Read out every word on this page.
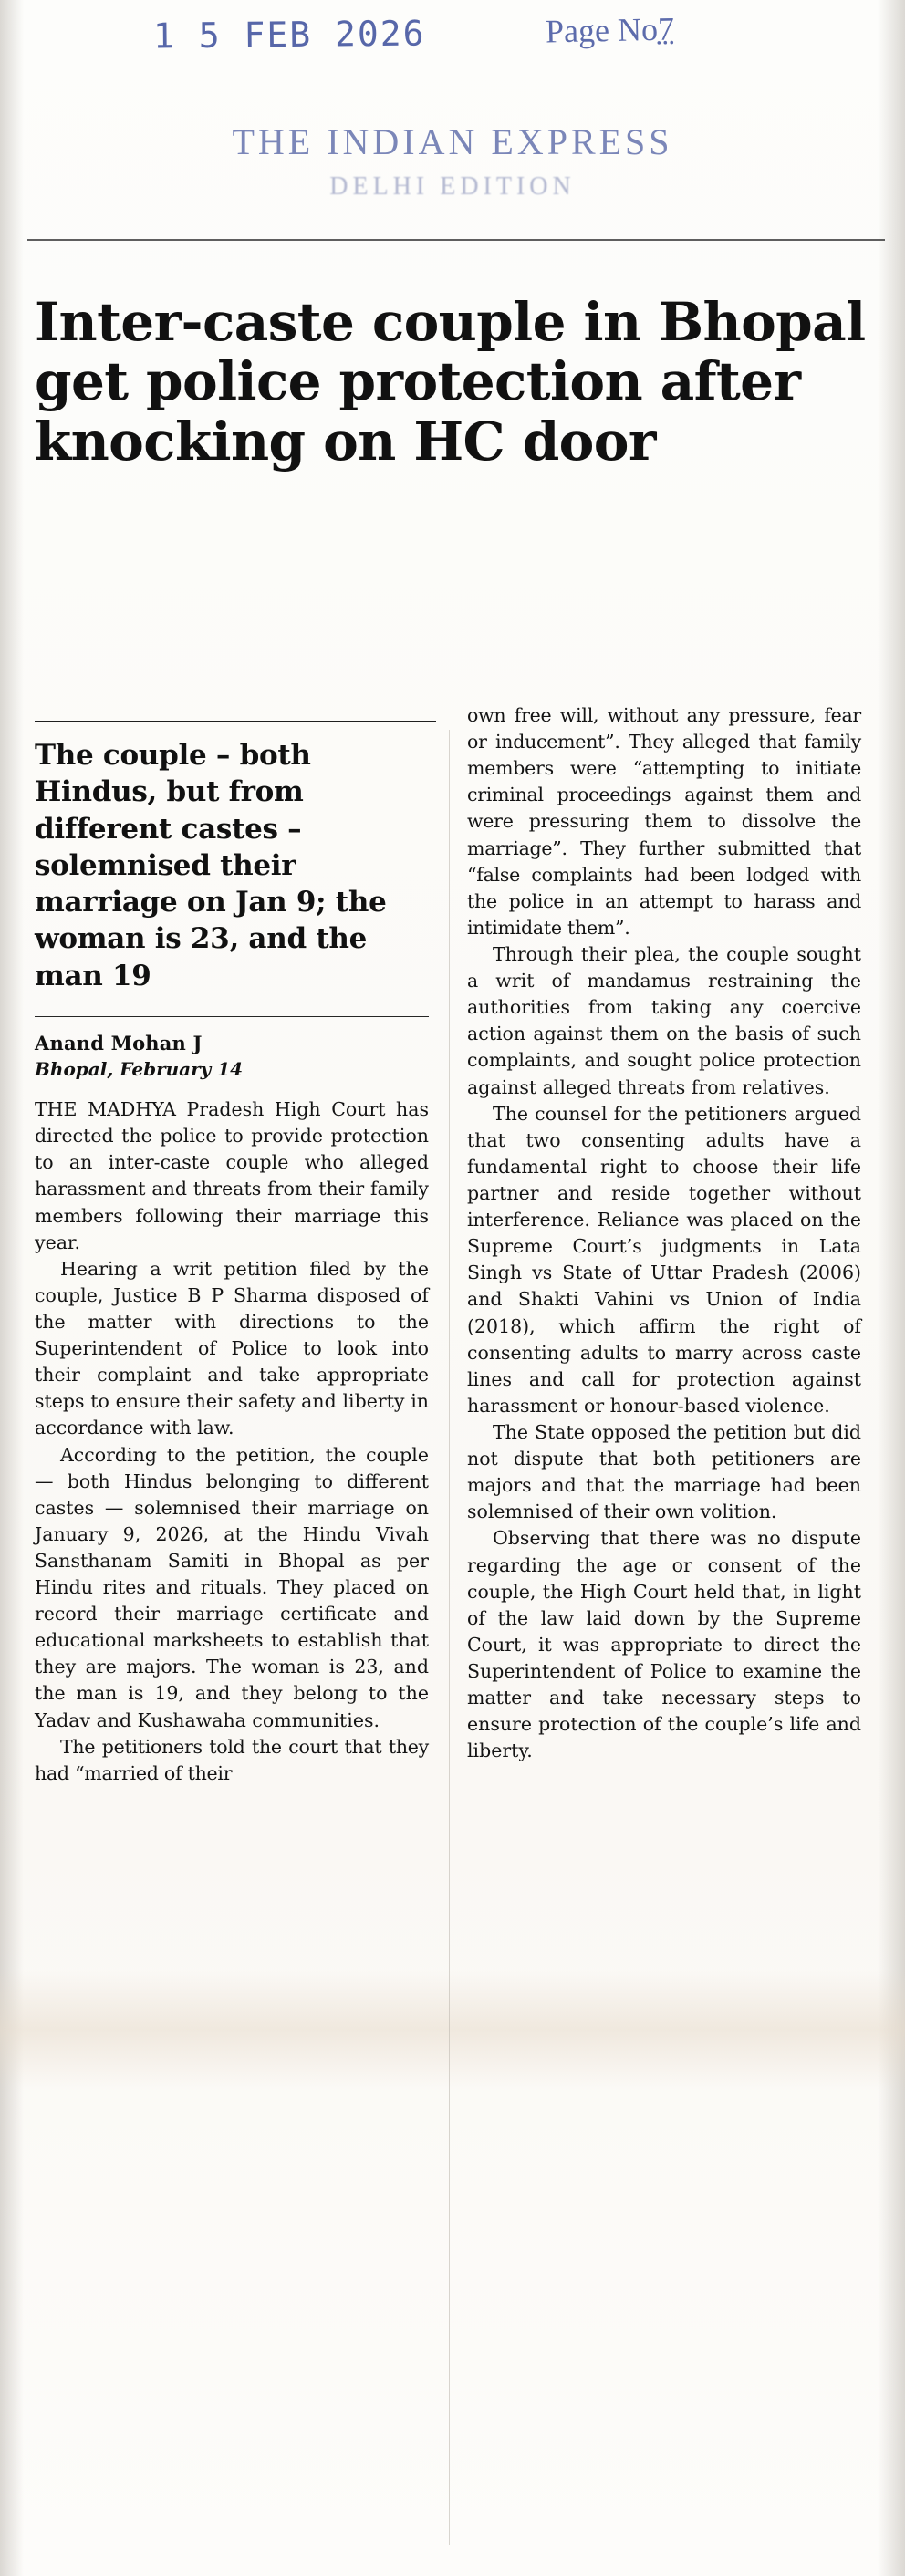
1 5 FEB 2026	Page No7
THE INDIAN EXPRESS
DELHI EDITION
Inter-caste couple in Bhopal get police protection after knocking on HC door

The couple – both Hindus, but from different castes – solemnised their marriage on Jan 9; the woman is 23, and the man 19

Anand Mohan J

Bhopal, February 14

THE MADHYA Pradesh High Court has directed the police to provide protection to an inter-caste couple who alleged harassment and threats from their family members following their marriage this year.

Hearing a writ petition filed by the couple, Justice B P Sharma disposed of the matter with directions to the Superintendent of Police to look into their complaint and take appropriate steps to ensure their safety and liberty in accordance with law.

According to the petition, the couple — both Hindus belonging to different castes — solemnised their marriage on January 9, 2026, at the Hindu Vivah Sansthanam Samiti in Bhopal as per Hindu rites and rituals. They placed on record their marriage certificate and educational marksheets to establish that they are majors. The woman is 23, and the man is 19, and they belong to the Yadav and Kushawaha communities.

The petitioners told the court that they had “married of their

own free will, without any pressure, fear or inducement”. They alleged that family members were “attempting to initiate criminal proceedings against them and were pressuring them to dissolve the marriage”. They further submitted that “false complaints had been lodged with the police in an attempt to harass and intimidate them”.

Through their plea, the couple sought a writ of mandamus restraining the authorities from taking any coercive action against them on the basis of such complaints, and sought police protection against alleged threats from relatives.

The counsel for the petitioners argued that two consenting adults have a fundamental right to choose their life partner and reside together without interference. Reliance was placed on the Supreme Court’s judgments in Lata Singh vs State of Uttar Pradesh (2006) and Shakti Vahini vs Union of India (2018), which affirm the right of consenting adults to marry across caste lines and call for protection against harassment or honour-based violence.

The State opposed the petition but did not dispute that both petitioners are majors and that the marriage had been solemnised of their own volition.

Observing that there was no dispute regarding the age or consent of the couple, the High Court held that, in light of the law laid down by the Supreme Court, it was appropriate to direct the Superintendent of Police to examine the matter and take necessary steps to ensure protection of the couple’s life and liberty.
